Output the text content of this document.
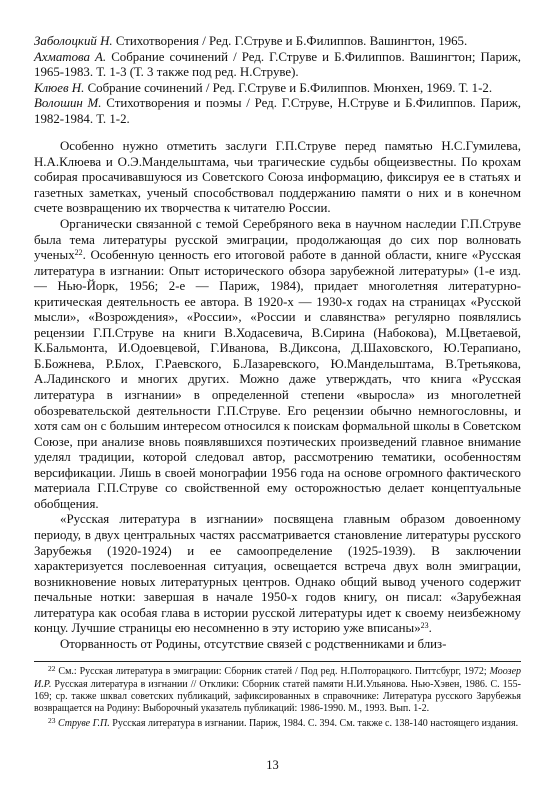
Заболоцкий Н. Стихотворения / Ред. Г.Струве и Б.Филиппов. Вашингтон, 1965.

Ахматова А. Собрание сочинений / Ред. Г.Струве и Б.Филиппов. Вашингтон; Париж, 1965-1983. Т. 1-3 (Т. 3 также под ред. Н.Струве).

Клюев Н. Собрание сочинений / Ред. Г.Струве и Б.Филиппов. Мюнхен, 1969. Т. 1-2.

Волошин М. Стихотворения и поэмы / Ред. Г.Струве, Н.Струве и Б.Филиппов. Париж, 1982-1984. Т. 1-2.

Особенно нужно отметить заслуги Г.П.Струве перед памятью Н.С.Гумилева, Н.А.Клюева и О.Э.Мандельштама, чьи трагические судьбы общеизвестны. По крохам собирая просачивавшуюся из Советского Союза информацию, фиксируя ее в статьях и газетных заметках, ученый способствовал поддержанию памяти о них и в конечном счете возвращению их творчества к читателю России.

Органически связанной с темой Серебряного века в научном наследии Г.П.Струве была тема литературы русской эмиграции, продолжающая до сих пор волновать ученых$^{22}$. Особенную ценность его итоговой работе в данной области, книге «Русская литература в изгнании: Опыт исторического обзора зарубежной литературы» (1-е изд. — Нью-Йорк, 1956; 2-е — Париж, 1984), придает многолетняя литературно-критическая деятельность ее автора. В 1920-х — 1930-х годах на страницах «Русской мысли», «Возрождения», «России», «России и славянства» регулярно появлялись рецензии Г.П.Струве на книги В.Ходасевича, В.Сирина (Набокова), М.Цветаевой, К.Бальмонта, И.Одоевцевой, Г.Иванова, В.Диксона, Д.Шаховского, Ю.Терапиано, Б.Божнева, Р.Блох, Г.Раевского, Б.Лазаревского, Ю.Мандельштама, В.Третьякова, А.Ладинского и многих других. Можно даже утверждать, что книга «Русская литература в изгнании» в определенной степени «выросла» из многолетней обозревательской деятельности Г.П.Струве. Его рецензии обычно немногословны, и хотя сам он с большим интересом относился к поискам формальной школы в Советском Союзе, при анализе вновь появлявшихся поэтических произведений главное внимание уделял традиции, которой следовал автор, рассмотрению тематики, особенностям версификации. Лишь в своей монографии 1956 года на основе огромного фактического материала Г.П.Струве со свойственной ему осторожностью делает концептуальные обобщения.

«Русская литература в изгнании» посвящена главным образом довоенному периоду, в двух центральных частях рассматривается становление литературы русского Зарубежья (1920-1924) и ее самоопределение (1925-1939). В заключении характеризуется послевоенная ситуация, освещается встреча двух волн эмиграции, возникновение новых литературных центров. Однако общий вывод ученого содержит печальные нотки: завершая в начале 1950-х годов книгу, он писал: «Зарубежная литература как особая глава в истории русской литературы идет к своему неизбежному концу. Лучшие страницы ею несомненно в эту историю уже вписаны»$^{23}$.

Оторванность от Родины, отсутствие связей с родственниками и близ-

$^{22}$ См.: Русская литература в эмиграции: Сборник статей / Под ред. Н.Полторацкого. Питтсбург, 1972; Моозер И.Р. Русская литература в изгнании // Отклики: Сборник статей памяти Н.И.Ульянова. Нью-Хэвен, 1986. С. 155-169; ср. также шквал советских публикаций, зафиксированных в справочнике: Литература русского Зарубежья возвращается на Родину: Выборочный указатель публикаций: 1986-1990. М., 1993. Вып. 1-2.

$^{23}$ Струве Г.П. Русская литература в изгнании. Париж, 1984. С. 394. См. также с. 138-140 настоящего издания.

13
